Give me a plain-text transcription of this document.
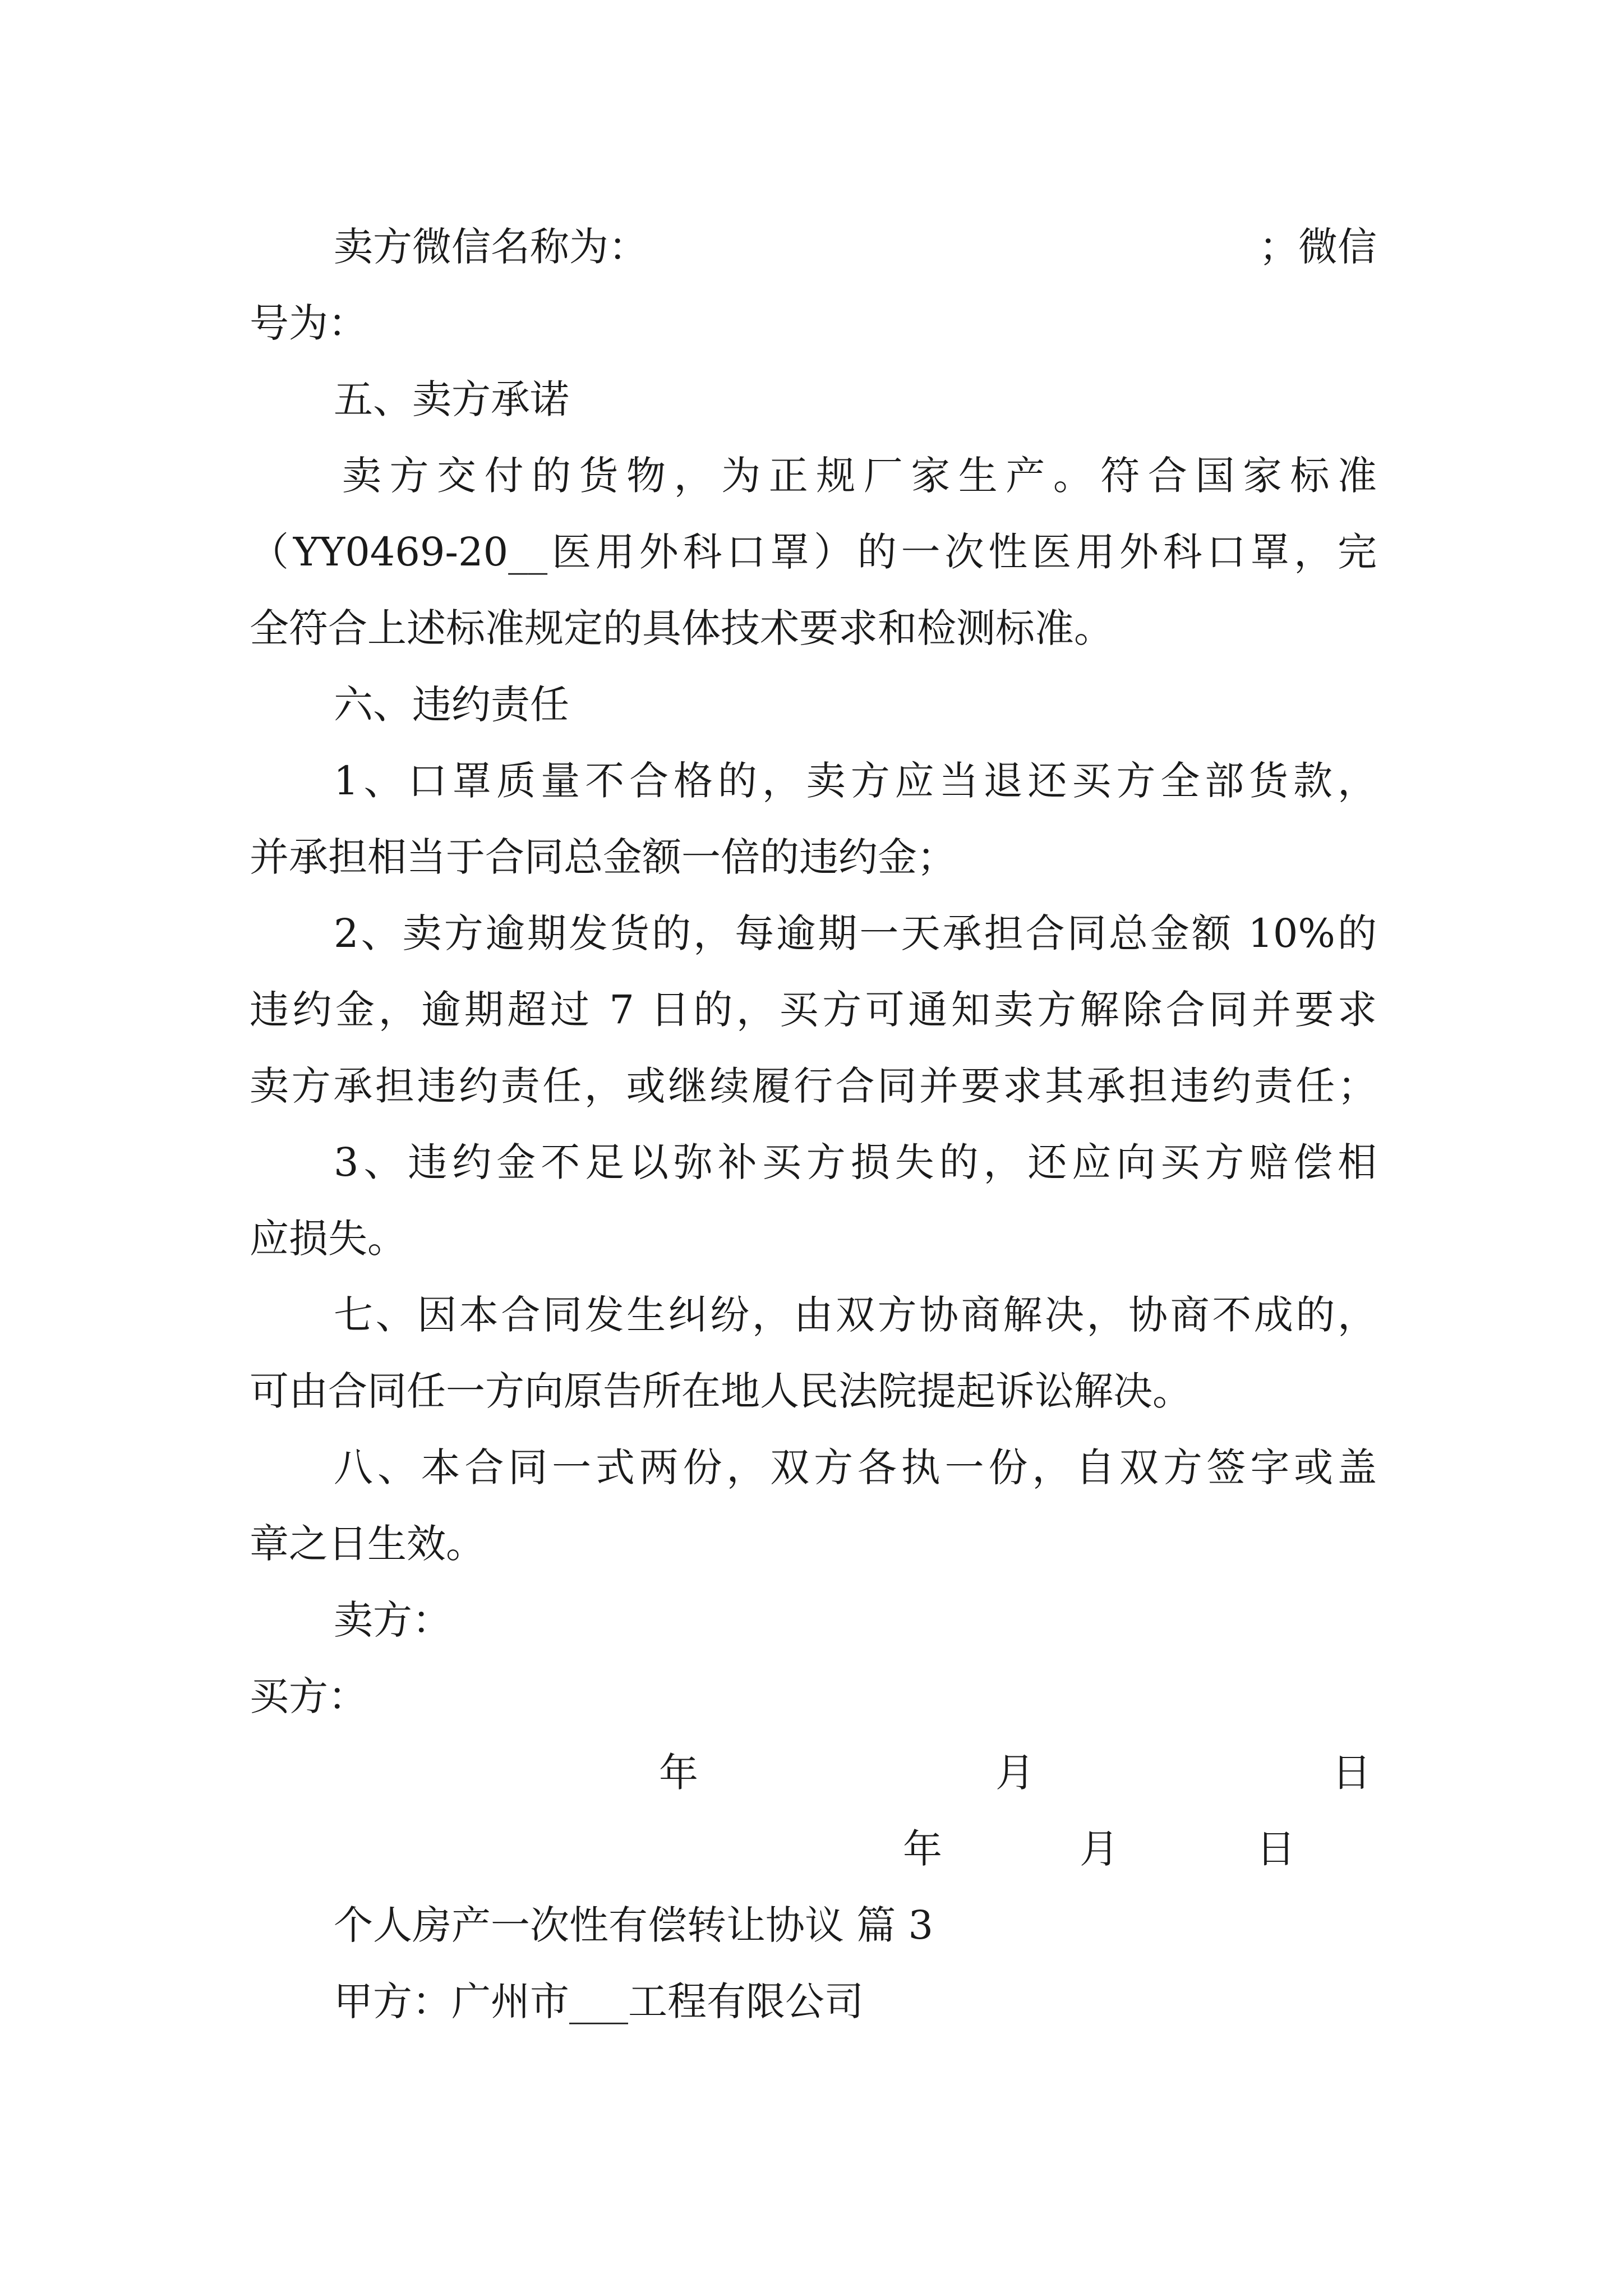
卖方微信名称为：	；微信

号为：

五、卖方承诺

卖方交付的货物，为正规厂家生产。符合国家标准

（YY0469-20__医用外科口罩）的一次性医用外科口罩，完

全符合上述标准规定的具体技术要求和检测标准。

六、违约责任

1、口罩质量不合格的，卖方应当退还买方全部货款，

并承担相当于合同总金额一倍的违约金；

2、卖方逾期发货的，每逾期一天承担合同总金额 10%的

违约金，逾期超过 7 日的，买方可通知卖方解除合同并要求

卖方承担违约责任，或继续履行合同并要求其承担违约责任；

3、违约金不足以弥补买方损失的，还应向买方赔偿相

应损失。

七、因本合同发生纠纷，由双方协商解决，协商不成的，

可由合同任一方向原告所在地人民法院提起诉讼解决。

八、本合同一式两份，双方各执一份，自双方签字或盖

章之日生效。

卖方：

买方：

年	月	日
年	月	日

个人房产一次性有偿转让协议 篇 3

甲方：广州市___工程有限公司
